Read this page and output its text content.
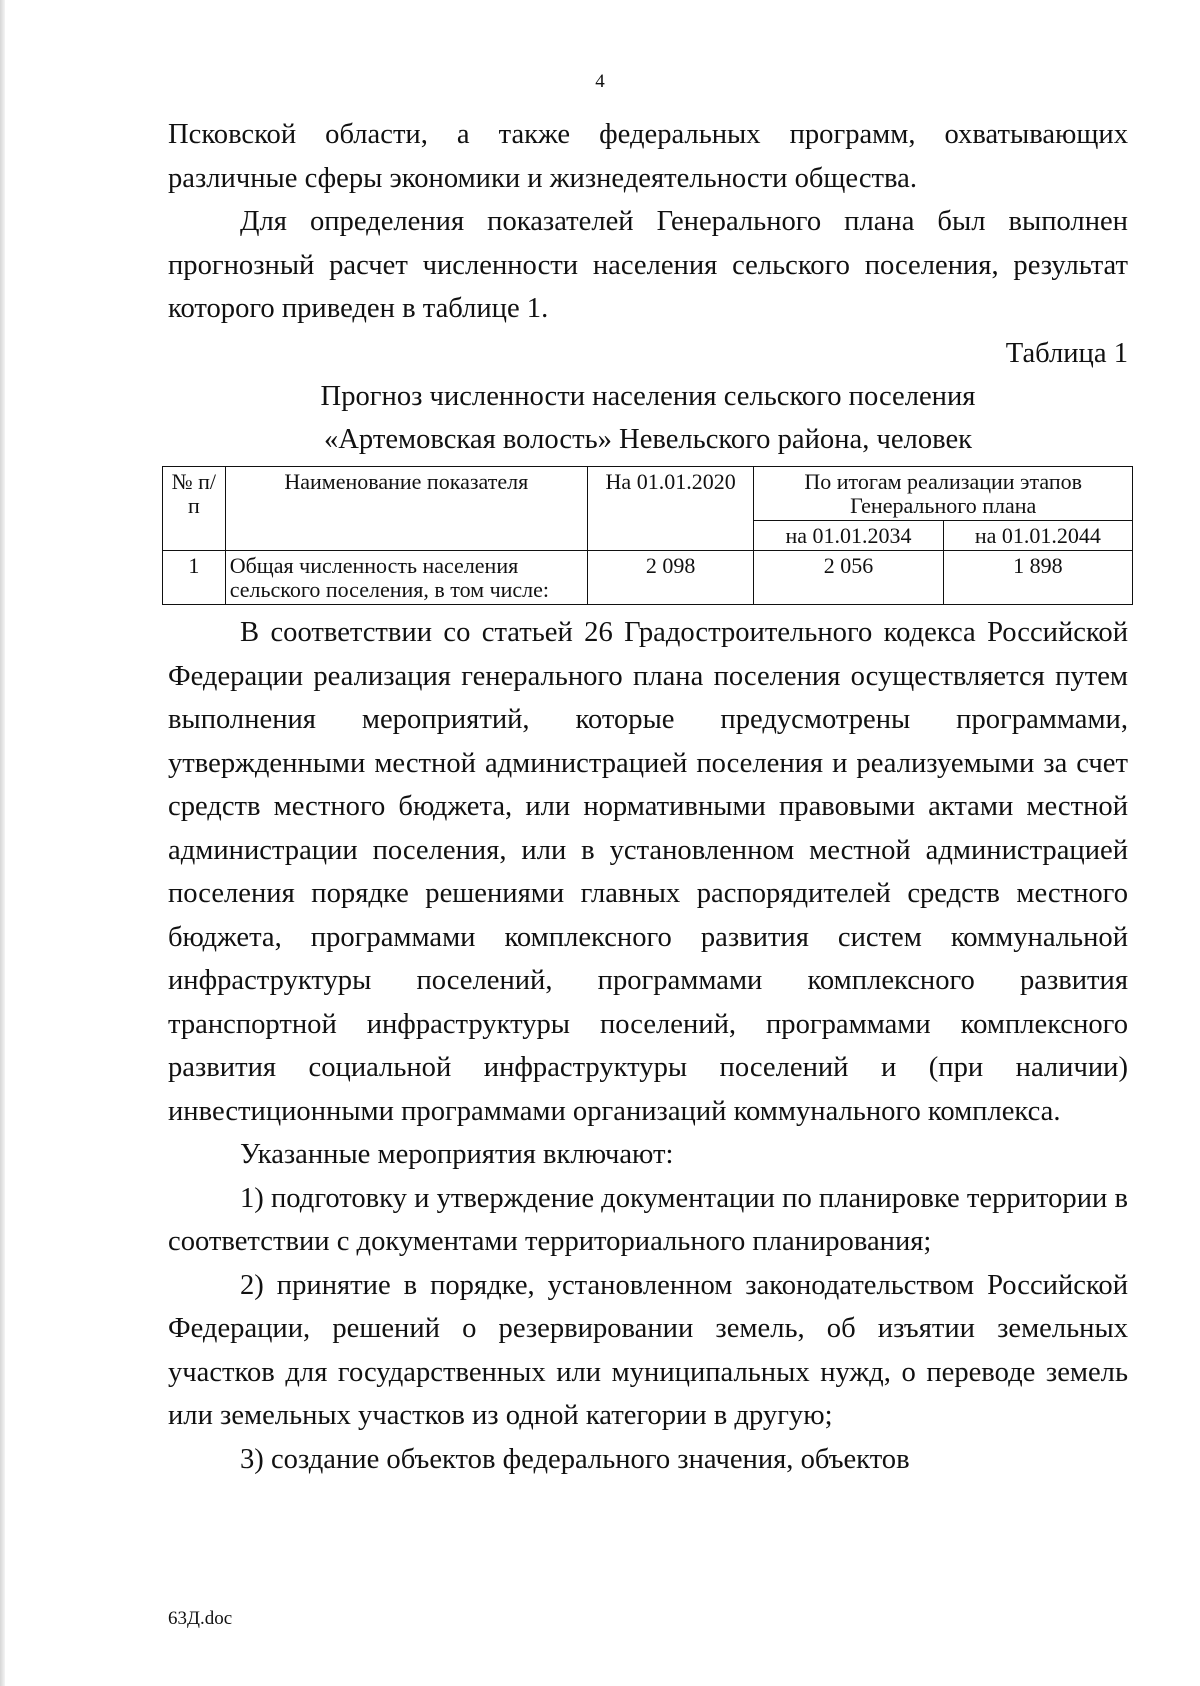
4

Псковской области, а также федеральных программ, охватывающих различные сферы экономики и жизнедеятельности общества.

Для определения показателей Генерального плана был выполнен прогнозный расчет численности населения сельского поселения, результат которого приведен в таблице 1.

Таблица 1
Прогноз численности населения сельского поселения
«Артемовская волость» Невельского района, человек
№ п/п	Наименование показателя	На 01.01.2020	По итогам реализации этапов Генерального плана	
			на 01.01.2034	на 01.01.2044
1	Общая численность населения сельского поселения, в том числе:	2 098	2 056	1 898

В соответствии со статьей 26 Градостроительного кодекса Российской Федерации реализация генерального плана поселения осуществляется путем выполнения мероприятий, которые предусмотрены программами, утвержденными местной администрацией поселения и реализуемыми за счет средств местного бюджета, или нормативными правовыми актами местной администрации поселения, или в установленном местной администрацией поселения порядке решениями главных распорядителей средств местного бюджета, программами комплексного развития систем коммунальной инфраструктуры поселений, программами комплексного развития транспортной инфраструктуры поселений, программами комплексного развития социальной инфраструктуры поселений и (при наличии) инвестиционными программами организаций коммунального комплекса.

Указанные мероприятия включают:

1) подготовку и утверждение документации по планировке территории в соответствии с документами территориального планирования;

2) принятие в порядке, установленном законодательством Российской Федерации, решений о резервировании земель, об изъятии земельных участков для государственных или муниципальных нужд, о переводе земель или земельных участков из одной категории в другую;

3) создание объектов федерального значения, объектов

63Д.doc
